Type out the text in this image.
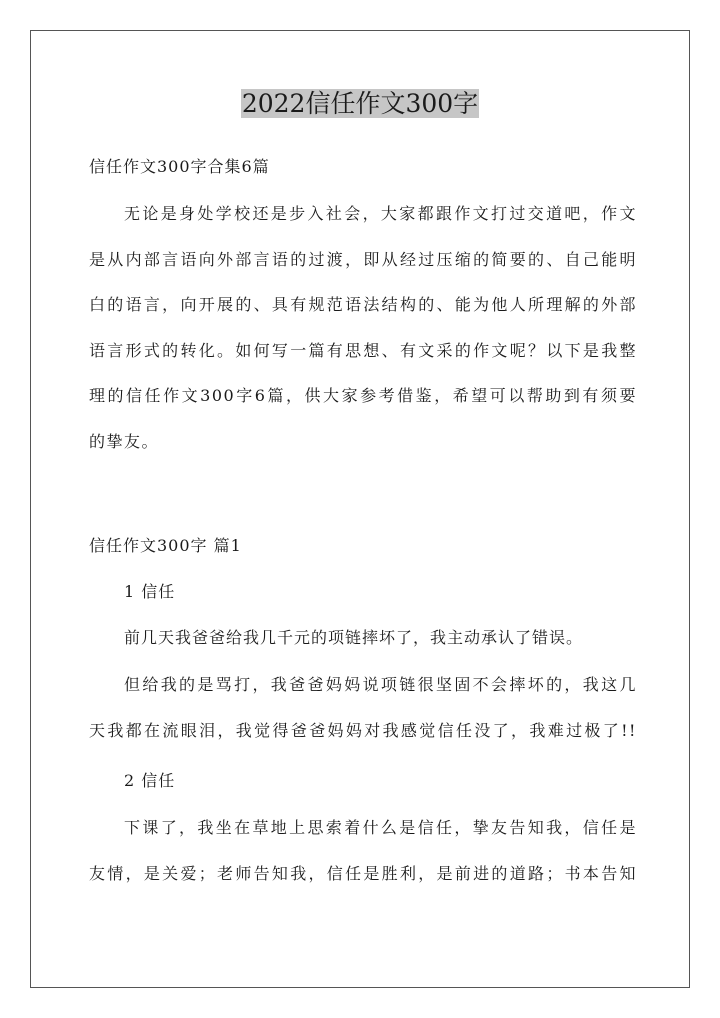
2022信任作文300字

信任作文300字合集6篇

无论是身处学校还是步入社会，大家都跟作文打过交道吧，作文
是从内部言语向外部言语的过渡，即从经过压缩的简要的、自己能明
白的语言，向开展的、具有规范语法结构的、能为他人所理解的外部
语言形式的转化。如何写一篇有思想、有文采的作文呢？以下是我整
理的信任作文300字6篇，供大家参考借鉴，希望可以帮助到有须要
的挚友。

信任作文300字 篇1

1 信任

前几天我爸爸给我几千元的项链摔坏了，我主动承认了错误。

但给我的是骂打，我爸爸妈妈说项链很坚固不会摔坏的，我这几
天我都在流眼泪，我觉得爸爸妈妈对我感觉信任没了，我难过极了!!

2 信任

下课了，我坐在草地上思索着什么是信任，挚友告知我，信任是
友情，是关爱；老师告知我，信任是胜利，是前进的道路；书本告知
